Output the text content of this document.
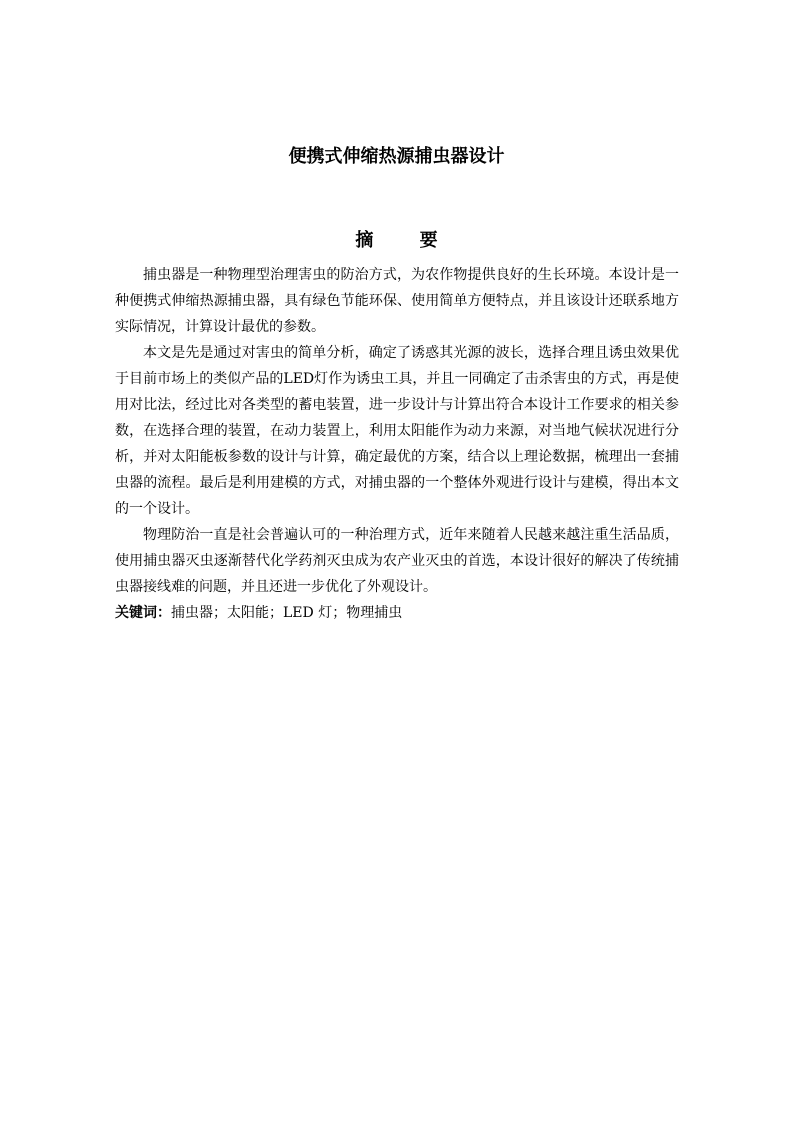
便携式伸缩热源捕虫器设计
摘 要

捕虫器是一种物理型治理害虫的防治方式，为农作物提供良好的生长环境。本设计是一种便携式伸缩热源捕虫器，具有绿色节能环保、使用简单方便特点，并且该设计还联系地方实际情况，计算设计最优的参数。

本文是先是通过对害虫的简单分析，确定了诱惑其光源的波长，选择合理且诱虫效果优于目前市场上的类似产品的LED灯作为诱虫工具，并且一同确定了击杀害虫的方式，再是使用对比法，经过比对各类型的蓄电装置，进一步设计与计算出符合本设计工作要求的相关参数，在选择合理的装置，在动力装置上，利用太阳能作为动力来源，对当地气候状况进行分析，并对太阳能板参数的设计与计算，确定最优的方案，结合以上理论数据，梳理出一套捕虫器的流程。最后是利用建模的方式，对捕虫器的一个整体外观进行设计与建模，得出本文的一个设计。

物理防治一直是社会普遍认可的一种治理方式，近年来随着人民越来越注重生活品质，使用捕虫器灭虫逐渐替代化学药剂灭虫成为农产业灭虫的首选，本设计很好的解决了传统捕虫器接线难的问题，并且还进一步优化了外观设计。

关键词：捕虫器；太阳能；LED 灯；物理捕虫
